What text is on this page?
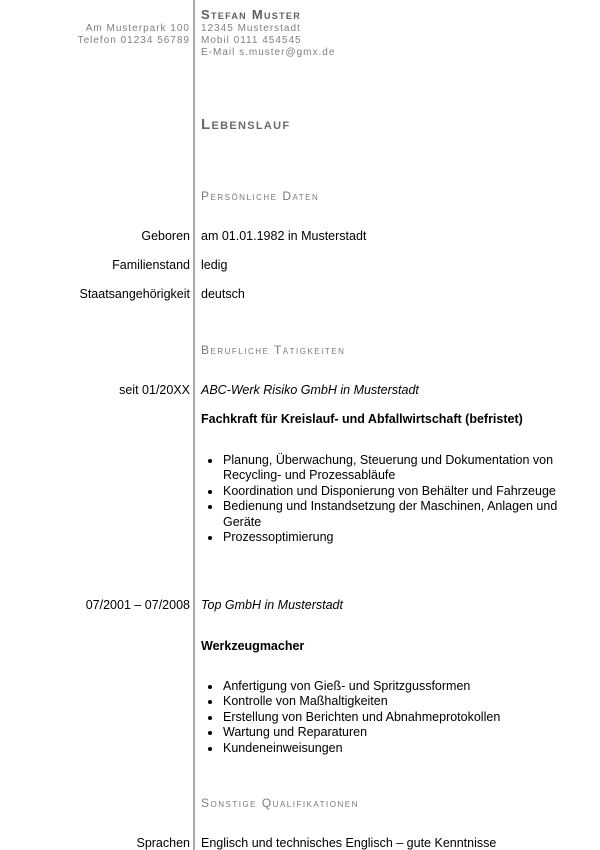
Am Musterpark 100
Telefon 01234 56789
Stefan Muster
12345 Musterstadt
Mobil 0111 454545
E-Mail s.muster@gmx.de
Lebenslauf
Persönliche Daten
Geboren am 01.01.1982 in Musterstadt
Familienstand ledig
Staatsangehörigkeit deutsch
Berufliche Tätigkeiten
seit 01/20XX ABC-Werk Risiko GmbH in Musterstadt
Fachkraft für Kreislauf- und Abfallwirtschaft (befristet)
• Planung, Überwachung, Steuerung und Dokumentation von Recycling- und Prozessabläufe
• Koordination und Disponierung von Behälter und Fahrzeuge
• Bedienung und Instandsetzung der Maschinen, Anlagen und Geräte
• Prozessoptimierung
07/2001 – 07/2008 Top GmbH in Musterstadt
Werkzeugmacher
• Anfertigung von Gieß- und Spritzgussformen
• Kontrolle von Maßhaltigkeiten
• Erstellung von Berichten und Abnahmeprotokollen
• Wartung und Reparaturen
• Kundeneinweisungen
Sonstige Qualifikationen
Sprachen Englisch und technisches Englisch – gute Kenntnisse
